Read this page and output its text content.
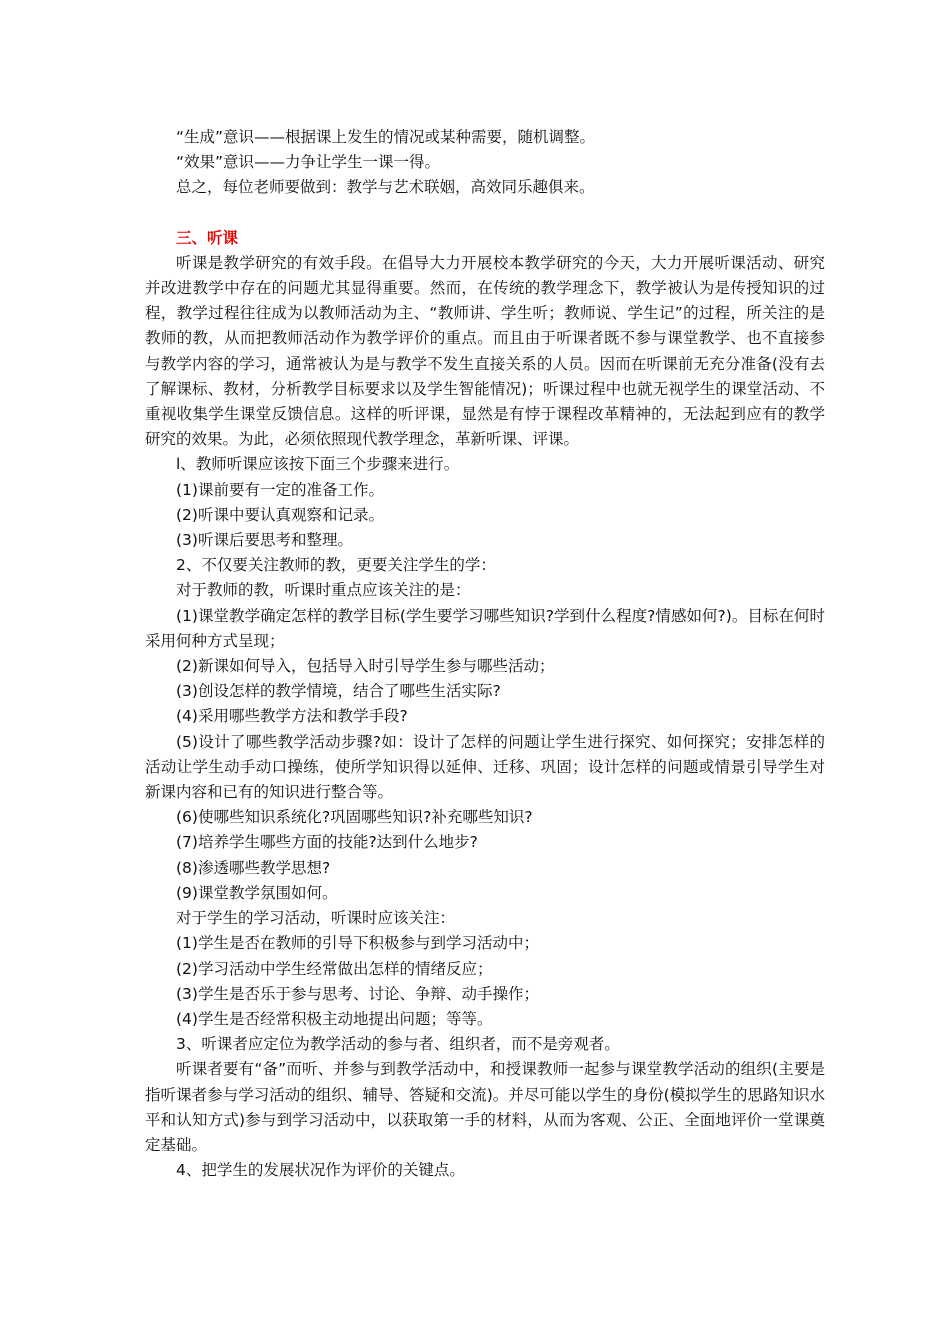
“生成”意识——根据课上发生的情况或某种需要，随机调整。

“效果”意识——力争让学生一课一得。

总之，每位老师要做到：教学与艺术联姻，高效同乐趣俱来。

三、听课

听课是教学研究的有效手段。在倡导大力开展校本教学研究的今天，大力开展听课活动、研究并改进教学中存在的问题尤其显得重要。然而，在传统的教学理念下，教学被认为是传授知识的过程，教学过程往往成为以教师活动为主、“教师讲、学生听；教师说、学生记”的过程，所关注的是教师的教，从而把教师活动作为教学评价的重点。而且由于听课者既不参与课堂教学、也不直接参与教学内容的学习，通常被认为是与教学不发生直接关系的人员。因而在听课前无充分准备(没有去了解课标、教材，分析教学目标要求以及学生智能情况)；听课过程中也就无视学生的课堂活动、不重视收集学生课堂反馈信息。这样的听评课，显然是有悖于课程改革精神的，无法起到应有的教学研究的效果。为此，必须依照现代教学理念，革新听课、评课。

l、教师听课应该按下面三个步骤来进行。

(1)课前要有一定的准备工作。

(2)听课中要认真观察和记录。

(3)听课后要思考和整理。

2、不仅要关注教师的教，更要关注学生的学：

对于教师的教，听课时重点应该关注的是：

(1)课堂教学确定怎样的教学目标(学生要学习哪些知识?学到什么程度?情感如何?)。目标在何时采用何种方式呈现；

(2)新课如何导入，包括导入时引导学生参与哪些活动；

(3)创设怎样的教学情境，结合了哪些生活实际?

(4)采用哪些教学方法和教学手段?

(5)设计了哪些教学活动步骤?如：设计了怎样的问题让学生进行探究、如何探究；安排怎样的活动让学生动手动口操练，使所学知识得以延伸、迁移、巩固；设计怎样的问题或情景引导学生对新课内容和已有的知识进行整合等。

(6)使哪些知识系统化?巩固哪些知识?补充哪些知识?

(7)培养学生哪些方面的技能?达到什么地步?

(8)渗透哪些教学思想?

(9)课堂教学氛围如何。

对于学生的学习活动，听课时应该关注：

(1)学生是否在教师的引导下积极参与到学习活动中；

(2)学习活动中学生经常做出怎样的情绪反应；

(3)学生是否乐于参与思考、讨论、争辩、动手操作；

(4)学生是否经常积极主动地提出问题；等等。

3、听课者应定位为教学活动的参与者、组织者，而不是旁观者。

听课者要有“备”而听、并参与到教学活动中，和授课教师一起参与课堂教学活动的组织(主要是指听课者参与学习活动的组织、辅导、答疑和交流)。并尽可能以学生的身份(模拟学生的思路知识水平和认知方式)参与到学习活动中，以获取第一手的材料，从而为客观、公正、全面地评价一堂课奠定基础。

4、把学生的发展状况作为评价的关键点。
